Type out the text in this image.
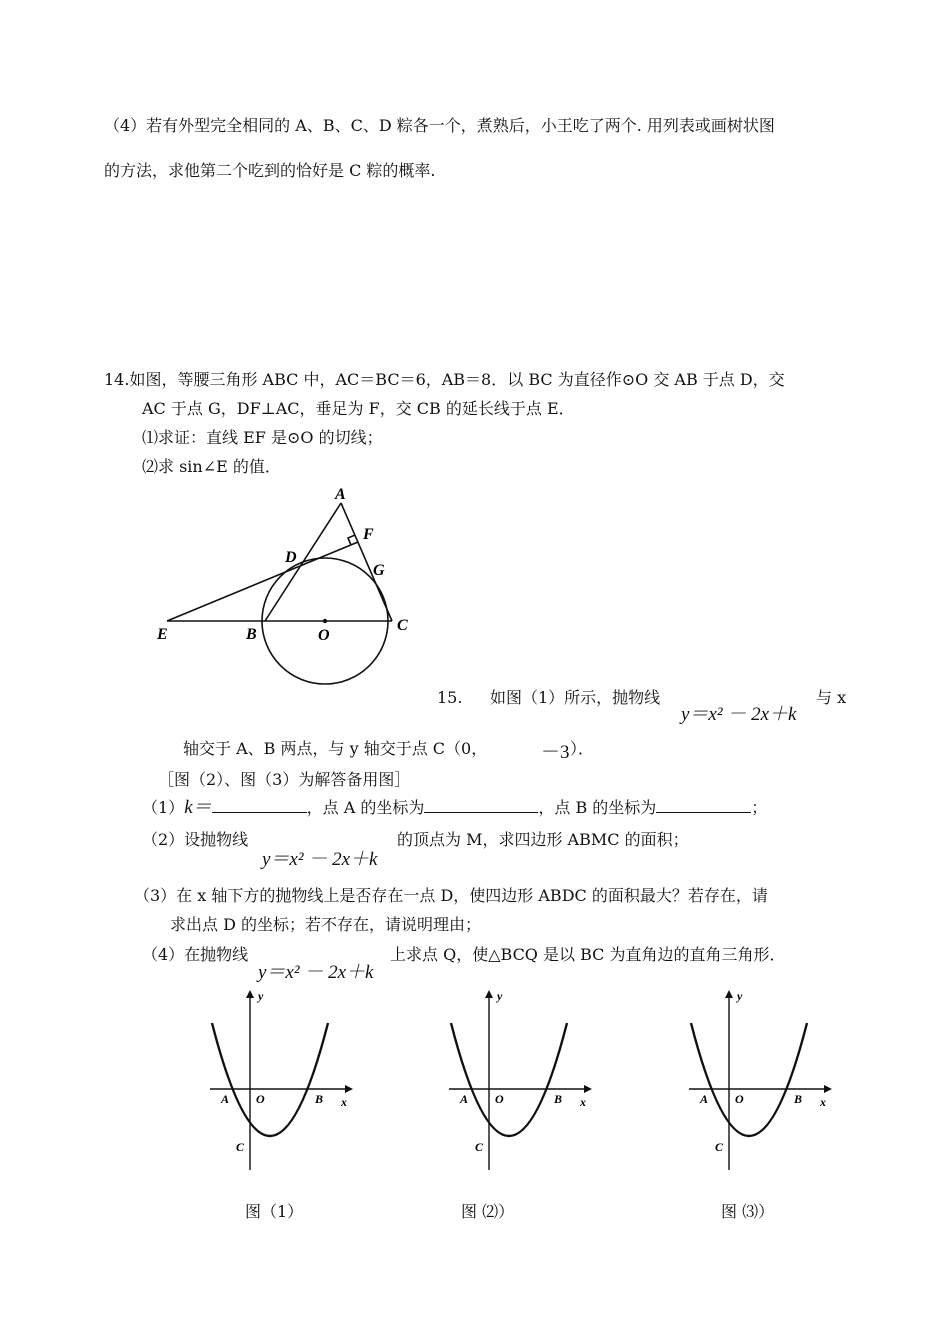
（4）若有外型完全相同的 A、B、C、D 粽各一个，煮熟后，小王吃了两个. 用列表或画树状图
的方法，求他第二个吃到的恰好是 C 粽的概率.
14.如图，等腰三角形 ABC 中，AC＝BC＝6，AB＝8．以 BC 为直径作⊙O 交 AB 于点 D，交
AC 于点 G，DF⊥AC，垂足为 F，交 CB 的延长线于点 E．
⑴求证：直线 EF 是⊙O 的切线；
⑵求 sin∠E 的值．
A
F
D
G
E	B	O
C
15. 如图（1）所示，抛物线
y＝x² － 2x＋k
与 x
轴交于 A、B 两点，与 y 轴交于点 C（0，	－3 ）．
［图（2）、图（3）为解答备用图］
（1）k＝	，点 A 的坐标为	，点 B 的坐标为	；
（2）设抛物线
y＝x² － 2x＋k
的顶点为 M，求四边形 ABMC 的面积；
（3）在 x 轴下方的抛物线上是否存在一点 D，使四边形 ABDC 的面积最大？若存在，请
求出点 D 的坐标；若不存在，请说明理由；
（4）在抛物线
y＝x² － 2x＋k
上求点 Q，使△BCQ 是以 BC 为直角边的直角三角形．
y
x
A O	B
C
y
x
A O	B
C
y
x
A O	B
C
图（1）	图 ⑵）	图 ⑶）
